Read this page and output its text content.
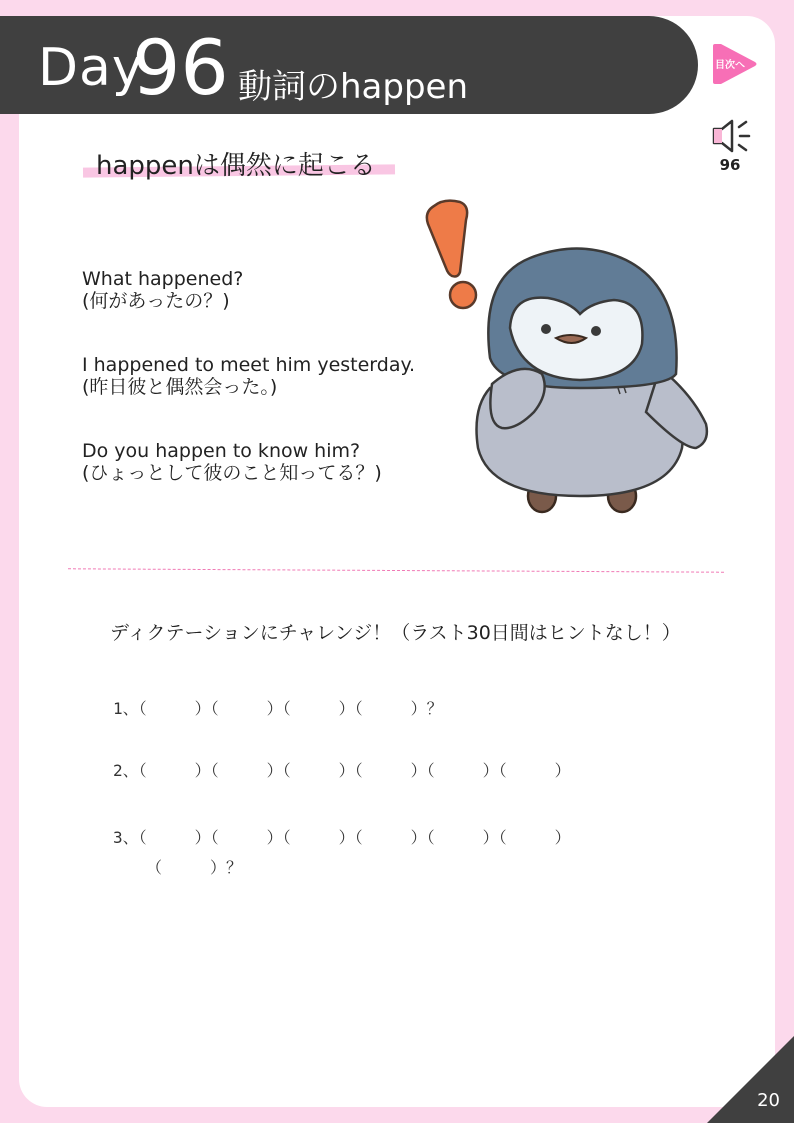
Day
96 動詞のhappen
目次へ
96
happenは偶然に起こる
What happened?
(何があったの？)
I happened to meet him yesterday.
(昨日彼と偶然会った。)
Do you happen to know him?
(ひょっとして彼のこと知ってる？)
ディクテーションにチャレンジ！（ラスト30日間はヒントなし！）
1、（　　　）（　　　）（　　　）（　　　）？
2、（　　　）（　　　）（　　　）（　　　）（　　　）（　　　）
3、（　　　）（　　　）（　　　）（　　　）（　　　）（　　　）
（　　　）？
20
